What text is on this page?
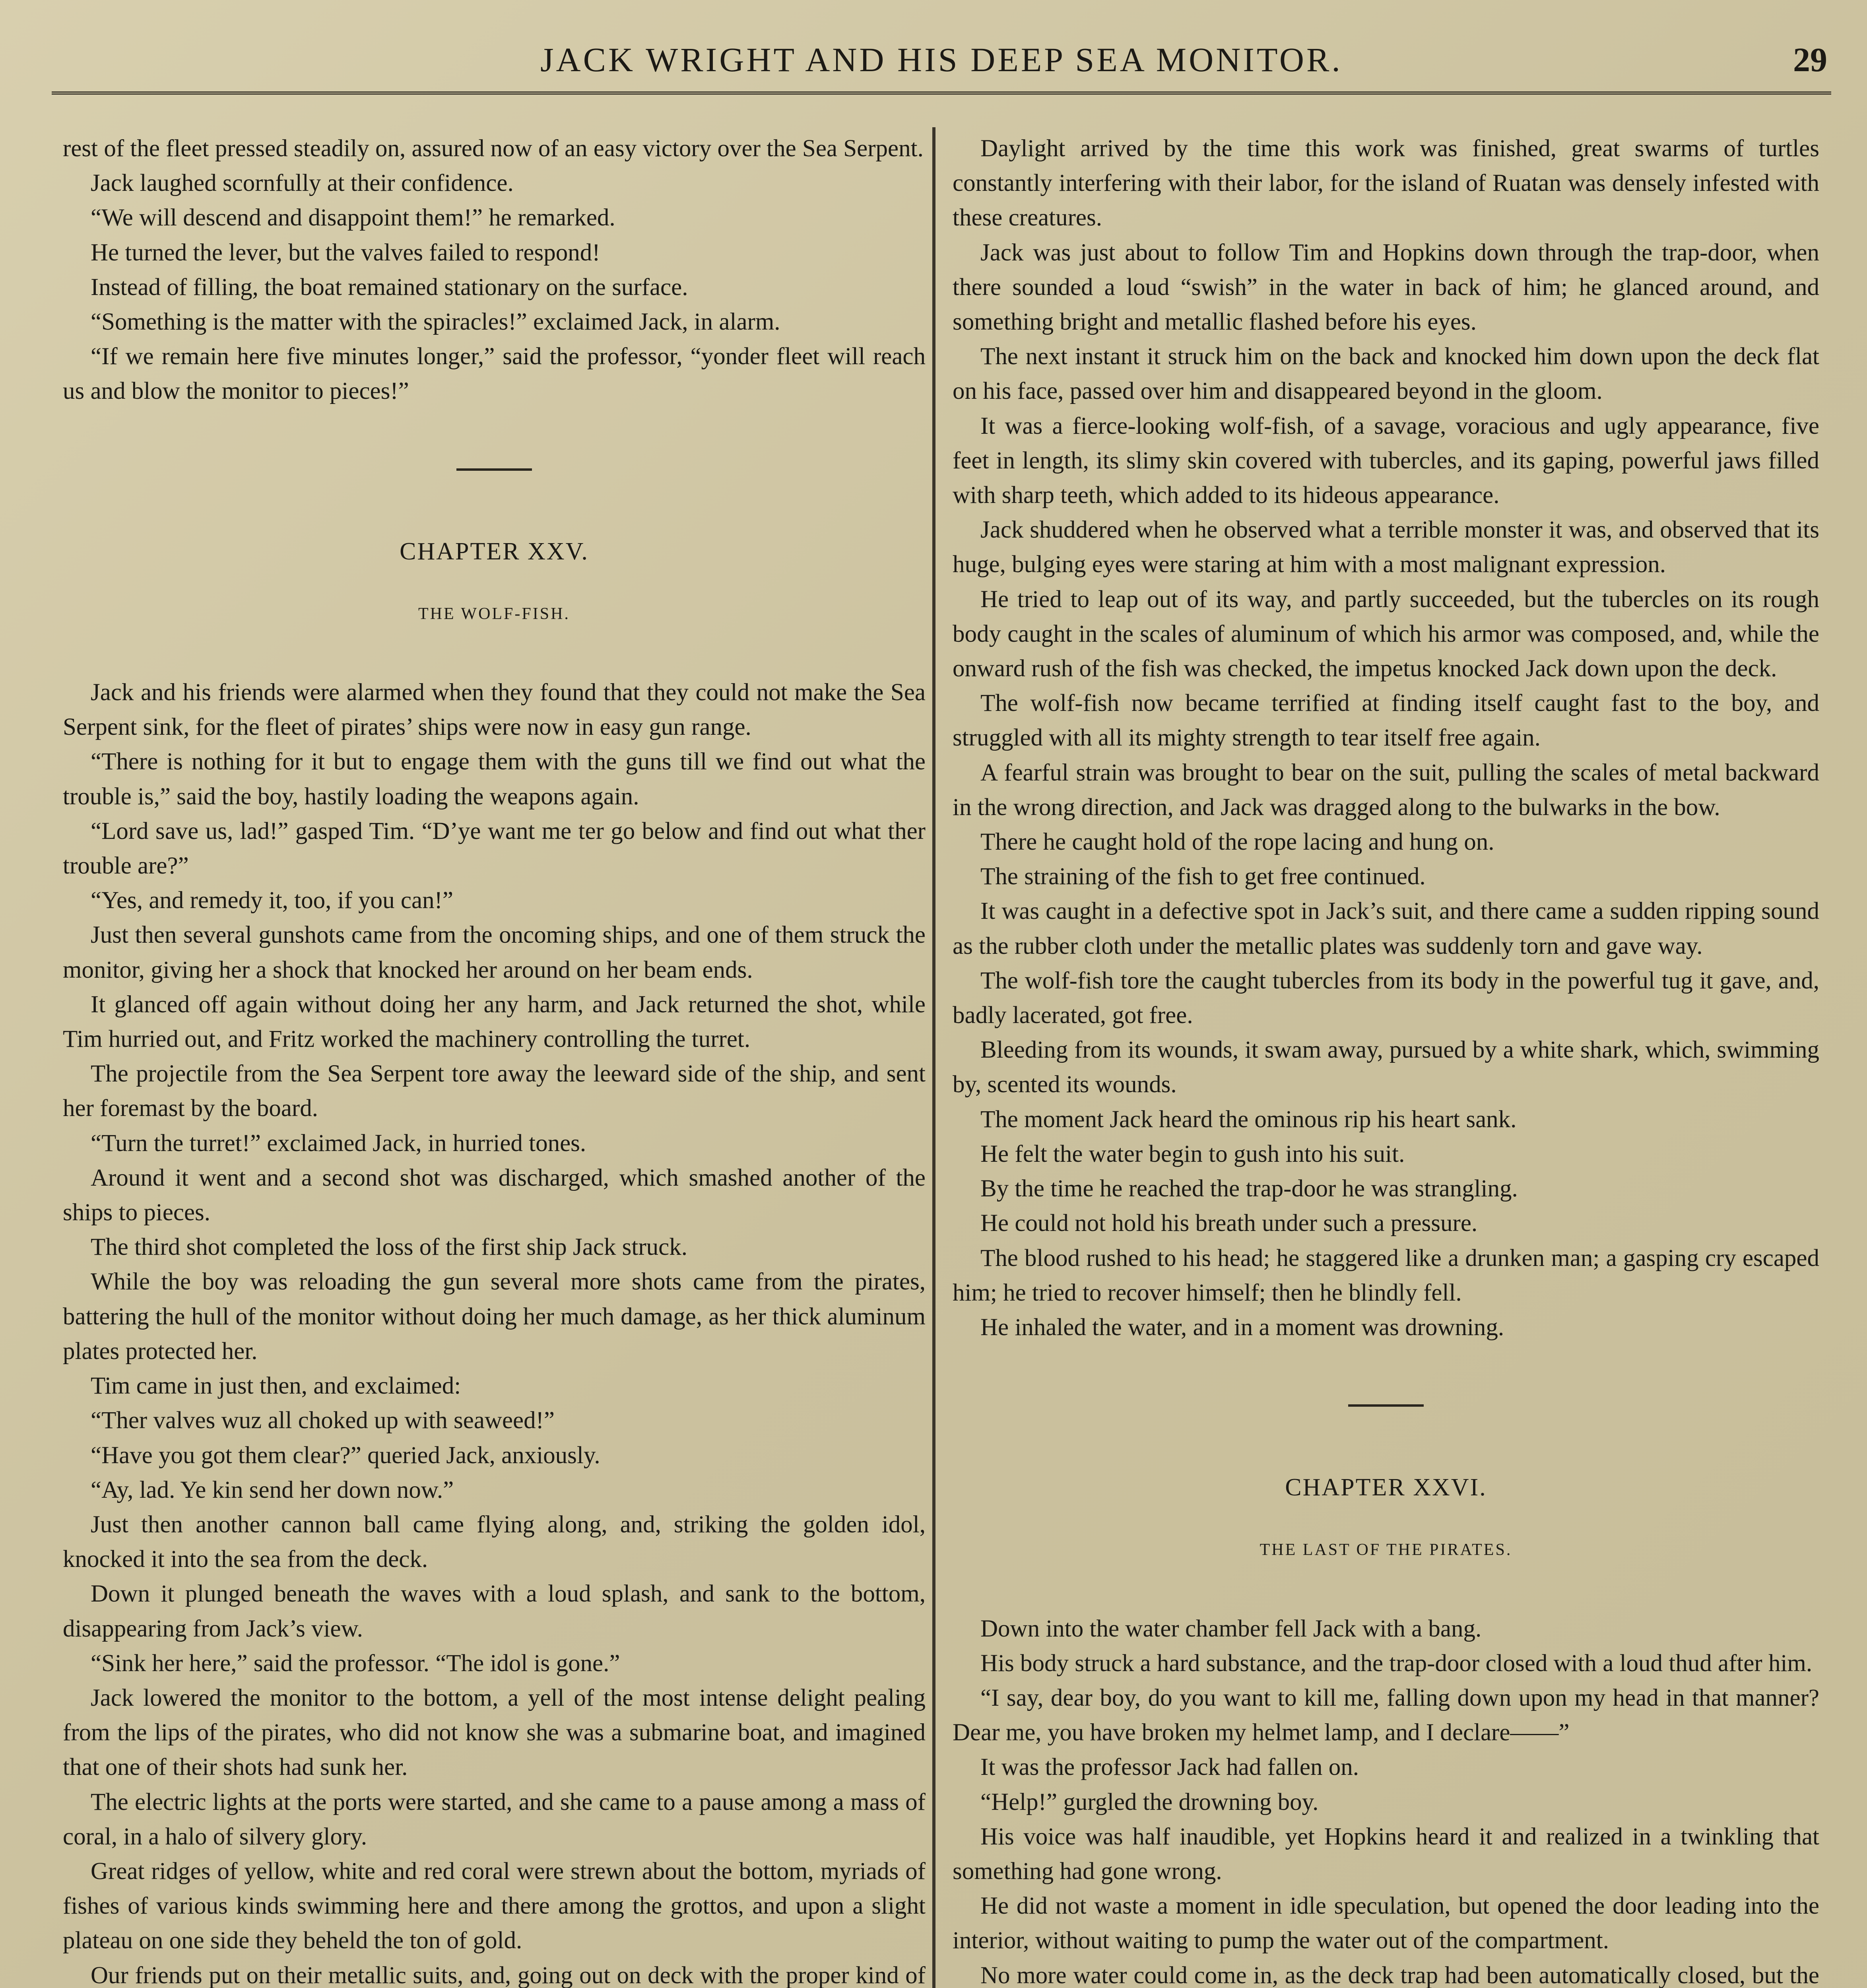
JACK WRIGHT AND HIS DEEP SEA MONITOR.	29

rest of the fleet pressed steadily on, assured now of an easy victory over the Sea Serpent.

Jack laughed scornfully at their confidence.

“We will descend and disappoint them!” he remarked.

He turned the lever, but the valves failed to respond!

Instead of filling, the boat remained stationary on the surface.

“Something is the matter with the spiracles!” exclaimed Jack, in alarm.

“If we remain here five minutes longer,” said the professor, “yonder fleet will reach us and blow the monitor to pieces!”

CHAPTER XXV.
THE WOLF-FISH.

Jack and his friends were alarmed when they found that they could not make the Sea Serpent sink, for the fleet of pirates’ ships were now in easy gun range.

“There is nothing for it but to engage them with the guns till we find out what the trouble is,” said the boy, hastily loading the weapons again.

“Lord save us, lad!” gasped Tim. “D’ye want me ter go below and find out what ther trouble are?”

“Yes, and remedy it, too, if you can!”

Just then several gunshots came from the oncoming ships, and one of them struck the monitor, giving her a shock that knocked her around on her beam ends.

It glanced off again without doing her any harm, and Jack returned the shot, while Tim hurried out, and Fritz worked the machinery controlling the turret.

The projectile from the Sea Serpent tore away the leeward side of the ship, and sent her foremast by the board.

“Turn the turret!” exclaimed Jack, in hurried tones.

Around it went and a second shot was discharged, which smashed another of the ships to pieces.

The third shot completed the loss of the first ship Jack struck.

While the boy was reloading the gun several more shots came from the pirates, battering the hull of the monitor without doing her much damage, as her thick aluminum plates protected her.

Tim came in just then, and exclaimed:

“Ther valves wuz all choked up with seaweed!”

“Have you got them clear?” queried Jack, anxiously.

“Ay, lad. Ye kin send her down now.”

Just then another cannon ball came flying along, and, striking the golden idol, knocked it into the sea from the deck.

Down it plunged beneath the waves with a loud splash, and sank to the bottom, disappearing from Jack’s view.

“Sink her here,” said the professor. “The idol is gone.”

Jack lowered the monitor to the bottom, a yell of the most intense delight pealing from the lips of the pirates, who did not know she was a submarine boat, and imagined that one of their shots had sunk her.

The electric lights at the ports were started, and she came to a pause among a mass of coral, in a halo of silvery glory.

Great ridges of yellow, white and red coral were strewn about the bottom, myriads of fishes of various kinds swimming here and there among the grottos, and upon a slight plateau on one side they beheld the ton of gold.

Our friends put on their metallic suits, and, going out on deck with the proper kind of

Daylight arrived by the time this work was finished, great swarms of turtles constantly interfering with their labor, for the island of Ruatan was densely infested with these creatures.

Jack was just about to follow Tim and Hopkins down through the trap-door, when there sounded a loud “swish” in the water in back of him; he glanced around, and something bright and metallic flashed before his eyes.

The next instant it struck him on the back and knocked him down upon the deck flat on his face, passed over him and disappeared beyond in the gloom.

It was a fierce-looking wolf-fish, of a savage, voracious and ugly appearance, five feet in length, its slimy skin covered with tubercles, and its gaping, powerful jaws filled with sharp teeth, which added to its hideous appearance.

Jack shuddered when he observed what a terrible monster it was, and observed that its huge, bulging eyes were staring at him with a most malignant expression.

He tried to leap out of its way, and partly succeeded, but the tubercles on its rough body caught in the scales of aluminum of which his armor was composed, and, while the onward rush of the fish was checked, the impetus knocked Jack down upon the deck.

The wolf-fish now became terrified at finding itself caught fast to the boy, and struggled with all its mighty strength to tear itself free again.

A fearful strain was brought to bear on the suit, pulling the scales of metal backward in the wrong direction, and Jack was dragged along to the bulwarks in the bow.

There he caught hold of the rope lacing and hung on.

The straining of the fish to get free continued.

It was caught in a defective spot in Jack’s suit, and there came a sudden ripping sound as the rubber cloth under the metallic plates was suddenly torn and gave way.

The wolf-fish tore the caught tubercles from its body in the powerful tug it gave, and, badly lacerated, got free.

Bleeding from its wounds, it swam away, pursued by a white shark, which, swimming by, scented its wounds.

The moment Jack heard the ominous rip his heart sank.

He felt the water begin to gush into his suit.

By the time he reached the trap-door he was strangling.

He could not hold his breath under such a pressure.

The blood rushed to his head; he staggered like a drunken man; a gasping cry escaped him; he tried to recover himself; then he blindly fell.

He inhaled the water, and in a moment was drowning.

CHAPTER XXVI.
THE LAST OF THE PIRATES.

Down into the water chamber fell Jack with a bang.

His body struck a hard substance, and the trap-door closed with a loud thud after him.

“I say, dear boy, do you want to kill me, falling down upon my head in that manner? Dear me, you have broken my helmet lamp, and I declare——”

It was the professor Jack had fallen on.

“Help!” gurgled the drowning boy.

His voice was half inaudible, yet Hopkins heard it and realized in a twinkling that something had gone wrong.

He did not waste a moment in idle speculation, but opened the door leading into the interior, without waiting to pump the water out of the compartment.

No more water could come in, as the deck trap had been automatically closed, but the
